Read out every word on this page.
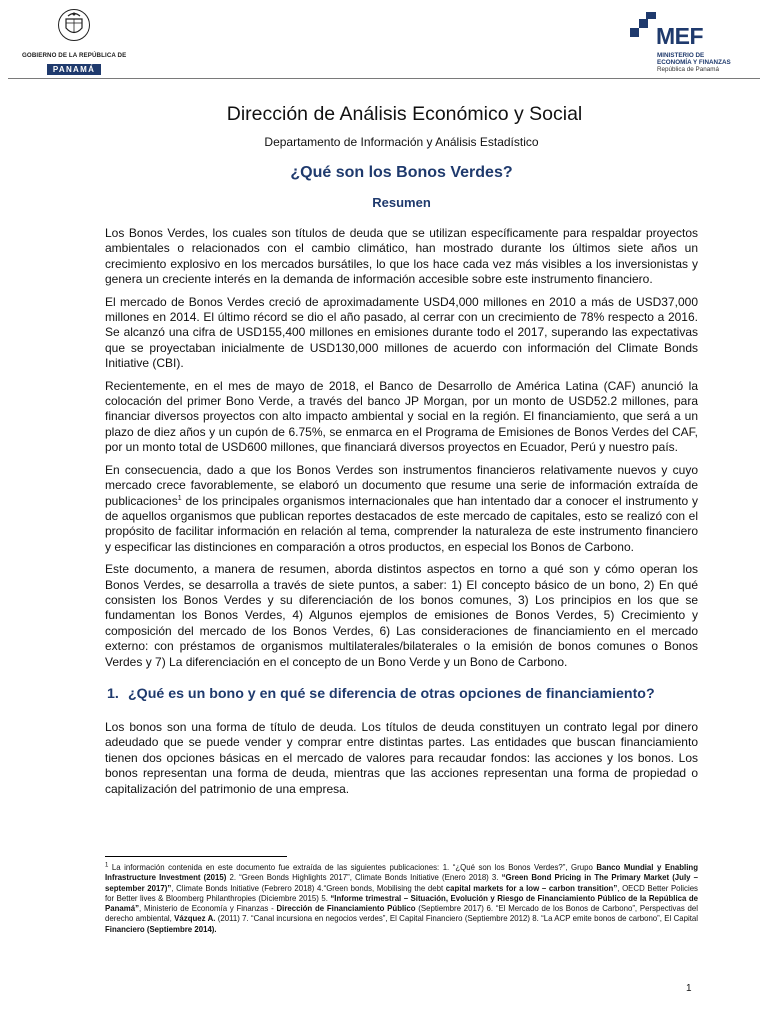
GOBIERNO DE LA REPÚBLICA DE
PANAMÁ
MEF
MINISTERIO DE
ECONOMÍA Y FINANZAS
República de Panamá
Dirección de Análisis Económico y Social
Departamento de Información y Análisis Estadístico
¿Qué son los Bonos Verdes?
Resumen

Los Bonos Verdes, los cuales son títulos de deuda que se utilizan específicamente para respaldar proyectos ambientales o relacionados con el cambio climático, han mostrado durante los últimos siete años un crecimiento explosivo en los mercados bursátiles, lo que los hace cada vez más visibles a los inversionistas y genera un creciente interés en la demanda de información accesible sobre este instrumento financiero.

El mercado de Bonos Verdes creció de aproximadamente USD4,000 millones en 2010 a más de USD37,000 millones en 2014. El último récord se dio el año pasado, al cerrar con un crecimiento de 78% respecto a 2016. Se alcanzó una cifra de USD155,400 millones en emisiones durante todo el 2017, superando las expectativas que se proyectaban inicialmente de USD130,000 millones de acuerdo con información del Climate Bonds Initiative (CBI).

Recientemente, en el mes de mayo de 2018, el Banco de Desarrollo de América Latina (CAF) anunció la colocación del primer Bono Verde, a través del banco JP Morgan, por un monto de USD52.2 millones, para financiar diversos proyectos con alto impacto ambiental y social en la región. El financiamiento, que será a un plazo de diez años y un cupón de 6.75%, se enmarca en el Programa de Emisiones de Bonos Verdes del CAF, por un monto total de USD600 millones, que financiará diversos proyectos en Ecuador, Perú y nuestro país.

En consecuencia, dado a que los Bonos Verdes son instrumentos financieros relativamente nuevos y cuyo mercado crece favorablemente, se elaboró un documento que resume una serie de información extraída de publicaciones$^1$ de los principales organismos internacionales que han intentado dar a conocer el instrumento y de aquellos organismos que publican reportes destacados de este mercado de capitales, esto se realizó con el propósito de facilitar información en relación al tema, comprender la naturaleza de este instrumento financiero y especificar las distinciones en comparación a otros productos, en especial los Bonos de Carbono.

Este documento, a manera de resumen, aborda distintos aspectos en torno a qué son y cómo operan los Bonos Verdes, se desarrolla a través de siete puntos, a saber: 1) El concepto básico de un bono, 2) En qué consisten los Bonos Verdes y su diferenciación de los bonos comunes, 3) Los principios en los que se fundamentan los Bonos Verdes, 4) Algunos ejemplos de emisiones de Bonos Verdes, 5) Crecimiento y composición del mercado de los Bonos Verdes, 6) Las consideraciones de financiamiento en el mercado externo: con préstamos de organismos multilaterales/bilaterales o la emisión de bonos comunes o Bonos Verdes y 7) La diferenciación en el concepto de un Bono Verde y un Bono de Carbono.

1. ¿Qué es un bono y en qué se diferencia de otras opciones de financiamiento?

Los bonos son una forma de título de deuda. Los títulos de deuda constituyen un contrato legal por dinero adeudado que se puede vender y comprar entre distintas partes. Las entidades que buscan financiamiento tienen dos opciones básicas en el mercado de valores para recaudar fondos: las acciones y los bonos. Los bonos representan una forma de deuda, mientras que las acciones representan una forma de propiedad o capitalización del patrimonio de una empresa.

$^1$ La información contenida en este documento fue extraída de las siguientes publicaciones: 1. “¿Qué son los Bonos Verdes?”, Grupo Banco Mundial y Enabling Infrastructure Investment (2015) 2. “Green Bonds Highlights 2017”, Climate Bonds Initiative (Enero 2018) 3. “Green Bond Pricing in The Primary Market (July –september 2017)”, Climate Bonds Initiative (Febrero 2018) 4.“Green bonds, Mobilising the debt capital markets for a low – carbon transition”, OECD Better Policies for Better lives & Bloomberg Philanthropies (Diciembre 2015) 5. “Informe trimestral – Situación, Evolución y Riesgo de Financiamiento Público de la República de Panamá”, Ministerio de Economía y Finanzas - Dirección de Financiamiento Público (Septiembre 2017) 6. “El Mercado de los Bonos de Carbono”, Perspectivas del derecho ambiental, Vázquez A. (2011) 7. “Canal incursiona en negocios verdes”, El Capital Financiero (Septiembre 2012) 8. “La ACP emite bonos de carbono”, El Capital Financiero (Septiembre 2014).
1
